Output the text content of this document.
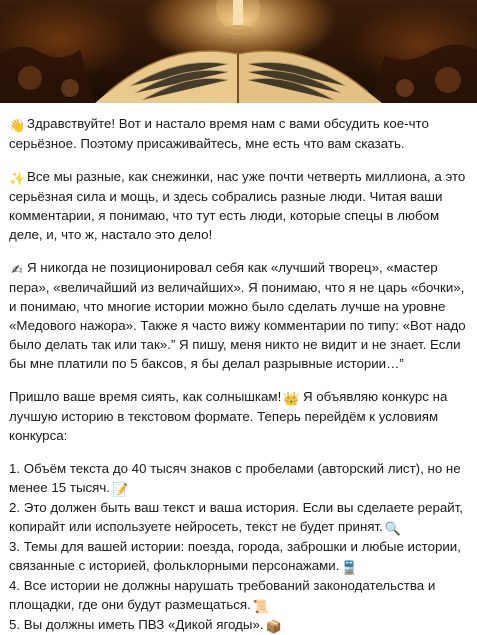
👋 Здравствуйте! Вот и настало время нам с вами обсудить кое-что серьёзное. Поэтому присаживайтесь, мне есть что вам сказать.

✨ Все мы разные, как снежинки, нас уже почти четверть миллиона, а это серьёзная сила и мощь, и здесь собрались разные люди. Читая ваши комментарии, я понимаю, что тут есть люди, которые спецы в любом деле, и, что ж, настало это дело!

✍ Я никогда не позиционировал себя как «лучший творец», «мастер пера», «величайший из величайших». Я понимаю, что я не царь «бочки», и понимаю, что многие истории можно было сделать лучше на уровне «Медового нажора». Также я часто вижу комментарии по типу: «Вот надо было делать так или так».” Я пишу, меня никто не видит и не знает. Если бы мне платили по 5 баксов, я бы делал разрывные истории…”

Пришло ваше время сиять, как солнышкам! 👑 Я объявляю конкурс на лучшую историю в текстовом формате. Теперь перейдём к условиям конкурса:

1. Объём текста до 40 тысяч знаков с пробелами (авторский лист), но не менее 15 тысяч. 📝
2. Это должен быть ваш текст и ваша история. Если вы сделаете рерайт, копирайт или используете нейросеть, текст не будет принят. 🔍
3. Темы для вашей истории: поезда, города, заброшки и любые истории, связанные с историей, фольклорными персонажами. 🚆
4. Все истории не должны нарушать требований законодательства и площадки, где они будут размещаться. 📜
5. Вы должны иметь ПВЗ «Дикой ягоды». 📦
